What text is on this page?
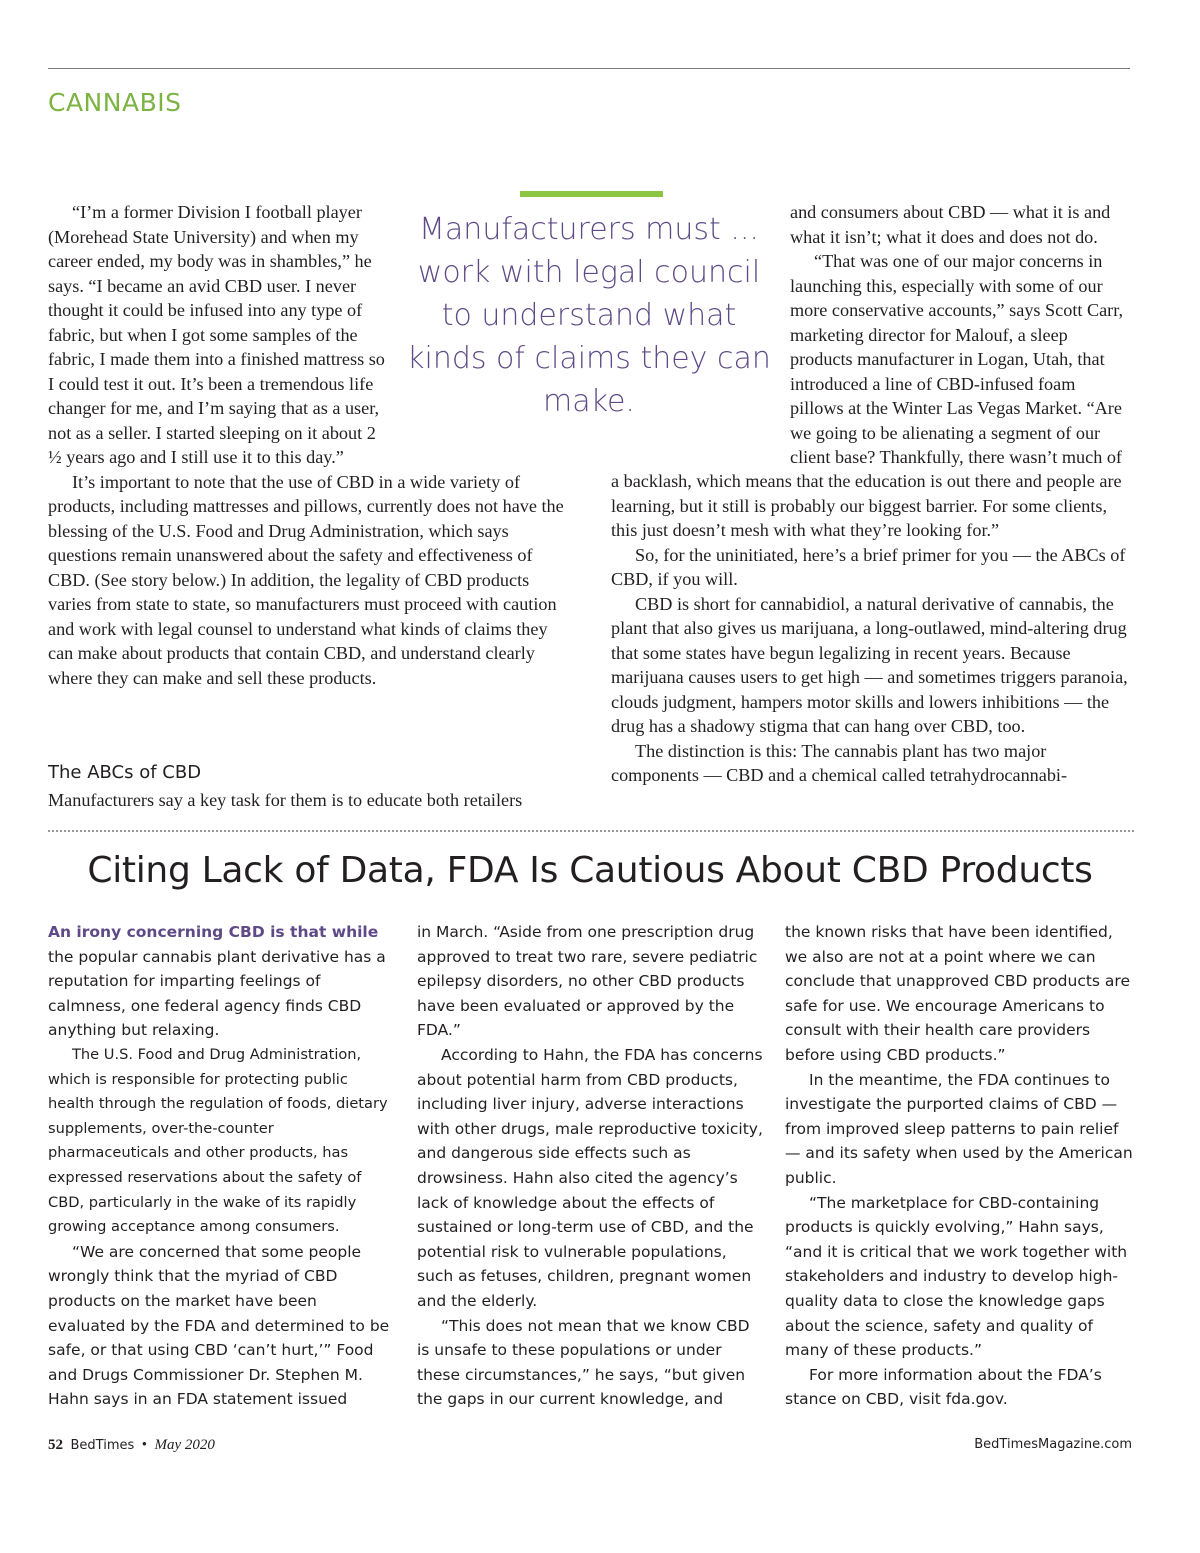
CANNABIS

“I’m a former Division I football player (Morehead State University) and when my career ended, my body was in shambles,” he says. “I became an avid CBD user. I never thought it could be infused into any type of fabric, but when I got some samples of the fabric, I made them into a finished mattress so I could test it out. It’s been a tremendous life changer for me, and I’m saying that as a user, not as a seller. I started sleeping on it about 2 ½ years ago and I still use it to this day.”

It’s important to note that the use of CBD in a wide variety of products, including mattresses and pillows, currently does not have the blessing of the U.S. Food and Drug Administration, which says questions remain unanswered about the safety and effectiveness of CBD. (See story below.) In addition, the legality of CBD products varies from state to state, so manufacturers must proceed with caution and work with legal counsel to understand what kinds of claims they can make about products that contain CBD, and understand clearly where they can make and sell these products.

Manufacturers must ... work with legal council to understand what kinds of claims they can make.

and consumers about CBD — what it is and what it isn’t; what it does and does not do.

“That was one of our major concerns in launching this, especially with some of our more conservative accounts,” says Scott Carr, marketing director for Malouf, a sleep products manufacturer in Logan, Utah, that introduced a line of CBD-infused foam pillows at the Winter Las Vegas Market. “Are we going to be alienating a segment of our client base? Thankfully, there wasn’t much of

a backlash, which means that the education is out there and people are learning, but it still is probably our biggest barrier. For some clients, this just doesn’t mesh with what they’re looking for.”

So, for the uninitiated, here’s a brief primer for you — the ABCs of CBD, if you will.

CBD is short for cannabidiol, a natural derivative of cannabis, the plant that also gives us marijuana, a long-outlawed, mind-altering drug that some states have begun legalizing in recent years. Because marijuana causes users to get high — and sometimes triggers paranoia, clouds judgment, hampers motor skills and lowers inhibitions — the drug has a shadowy stigma that can hang over CBD, too.

The distinction is this: The cannabis plant has two major components — CBD and a chemical called tetrahydrocannabi-

The ABCs of CBD
Manufacturers say a key task for them is to educate both retailers
Citing Lack of Data, FDA Is Cautious About CBD Products

An irony concerning CBD is that while the popular cannabis plant derivative has a reputation for imparting feelings of calmness, one federal agency finds CBD anything but relaxing.

The U.S. Food and Drug Administration, which is responsible for protecting public health through the regulation of foods, dietary supplements, over-the-counter pharmaceuticals and other products, has expressed reservations about the safety of CBD, particularly in the wake of its rapidly growing acceptance among consumers.

“We are concerned that some people wrongly think that the myriad of CBD products on the market have been evaluated by the FDA and determined to be safe, or that using CBD ‘can’t hurt,’” Food and Drugs Commissioner Dr. Stephen M. Hahn says in an FDA statement issued

in March. “Aside from one prescription drug approved to treat two rare, severe pediatric epilepsy disorders, no other CBD products have been evaluated or approved by the FDA.”

According to Hahn, the FDA has concerns about potential harm from CBD products, including liver injury, adverse interactions with other drugs, male reproductive toxicity, and dangerous side effects such as drowsiness. Hahn also cited the agency’s lack of knowledge about the effects of sustained or long-term use of CBD, and the potential risk to vulnerable populations, such as fetuses, children, pregnant women and the elderly.

“This does not mean that we know CBD is unsafe to these populations or under these circumstances,” he says, “but given the gaps in our current knowledge, and

the known risks that have been identified, we also are not at a point where we can conclude that unapproved CBD products are safe for use. We encourage Americans to consult with their health care providers before using CBD products.”

In the meantime, the FDA continues to investigate the purported claims of CBD — from improved sleep patterns to pain relief — and its safety when used by the American public.

“The marketplace for CBD-containing products is quickly evolving,” Hahn says, “and it is critical that we work together with stakeholders and industry to develop high-quality data to close the knowledge gaps about the science, safety and quality of many of these products.”

For more information about the FDA’s stance on CBD, visit fda.gov.

52 BedTimes • May 2020	BedTimesMagazine.com
